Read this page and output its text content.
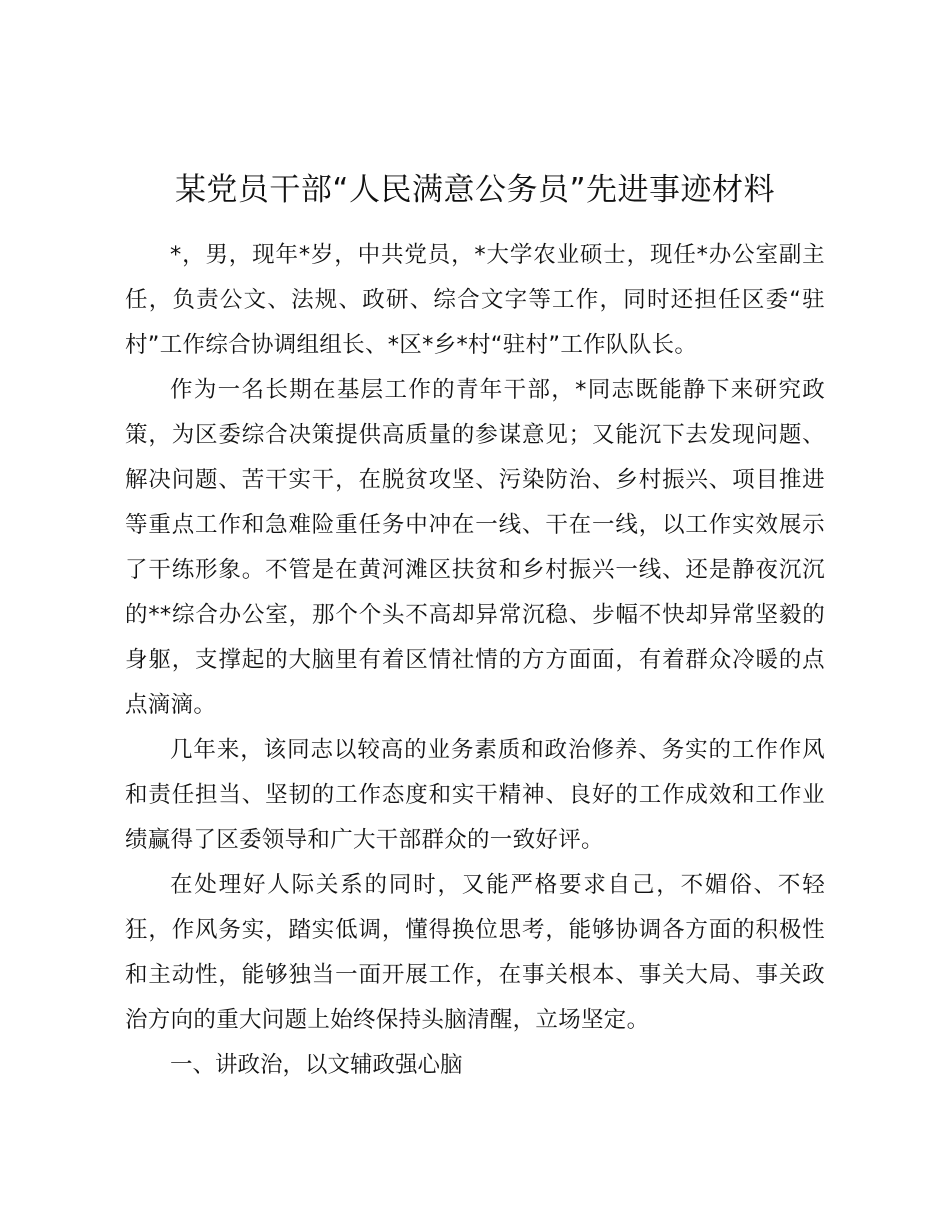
某党员干部“人民满意公务员”先进事迹材料

*，男，现年*岁，中共党员，*大学农业硕士，现任*办公室副主任，负责公文、法规、政研、综合文字等工作，同时还担任区委“驻村”工作综合协调组组长、*区*乡*村“驻村”工作队队长。

作为一名长期在基层工作的青年干部，*同志既能静下来研究政策，为区委综合决策提供高质量的参谋意见；又能沉下去发现问题、解决问题、苦干实干，在脱贫攻坚、污染防治、乡村振兴、项目推进等重点工作和急难险重任务中冲在一线、干在一线，以工作实效展示了干练形象。不管是在黄河滩区扶贫和乡村振兴一线、还是静夜沉沉的**综合办公室，那个个头不高却异常沉稳、步幅不快却异常坚毅的身躯，支撑起的大脑里有着区情社情的方方面面，有着群众冷暖的点点滴滴。

几年来，该同志以较高的业务素质和政治修养、务实的工作作风和责任担当、坚韧的工作态度和实干精神、良好的工作成效和工作业绩赢得了区委领导和广大干部群众的一致好评。

在处理好人际关系的同时，又能严格要求自己，不媚俗、不轻狂，作风务实，踏实低调，懂得换位思考，能够协调各方面的积极性和主动性，能够独当一面开展工作，在事关根本、事关大局、事关政治方向的重大问题上始终保持头脑清醒，立场坚定。

一、讲政治，以文辅政强心脑
